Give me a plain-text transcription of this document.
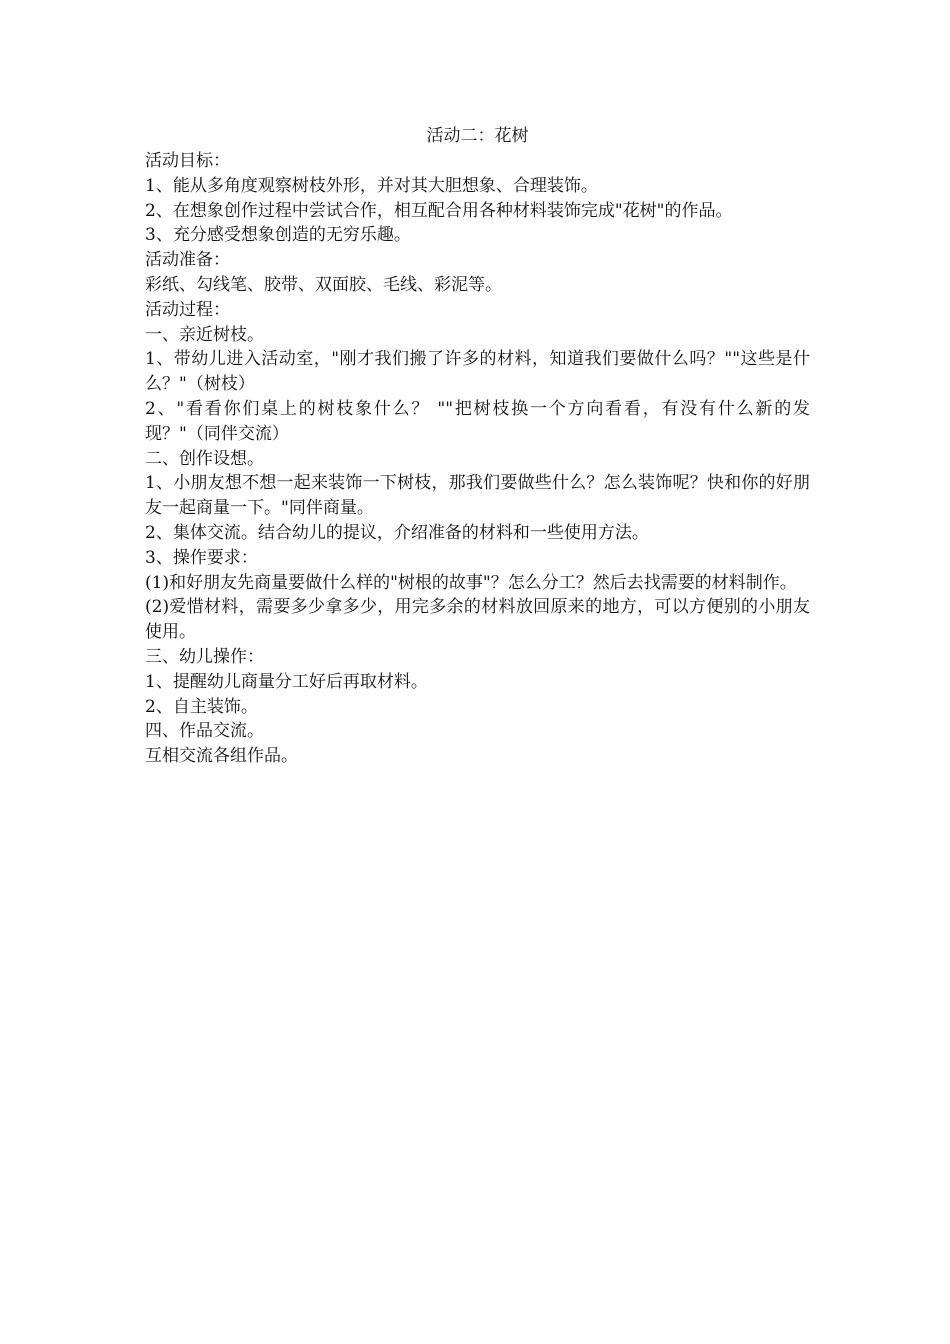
活动二：花树

活动目标：

1、能从多角度观察树枝外形，并对其大胆想象、合理装饰。

2、在想象创作过程中尝试合作，相互配合用各种材料装饰完成"花树"的作品。

3、充分感受想象创造的无穷乐趣。

活动准备：

彩纸、勾线笔、胶带、双面胶、毛线、彩泥等。

活动过程：

一、亲近树枝。

1、带幼儿进入活动室，"刚才我们搬了许多的材料，知道我们要做什么吗？""这些是什么？"（树枝）

2、"看看你们桌上的树枝象什么？ ""把树枝换一个方向看看，有没有什么新的发现？"（同伴交流）

二、创作设想。

1、小朋友想不想一起来装饰一下树枝，那我们要做些什么？怎么装饰呢？快和你的好朋友一起商量一下。"同伴商量。

2、集体交流。结合幼儿的提议，介绍准备的材料和一些使用方法。

3、操作要求：

(1)和好朋友先商量要做什么样的"树根的故事"？怎么分工？然后去找需要的材料制作。

(2)爱惜材料，需要多少拿多少，用完多余的材料放回原来的地方，可以方便别的小朋友使用。

三、幼儿操作：

1、提醒幼儿商量分工好后再取材料。

2、自主装饰。

四、作品交流。

互相交流各组作品。
